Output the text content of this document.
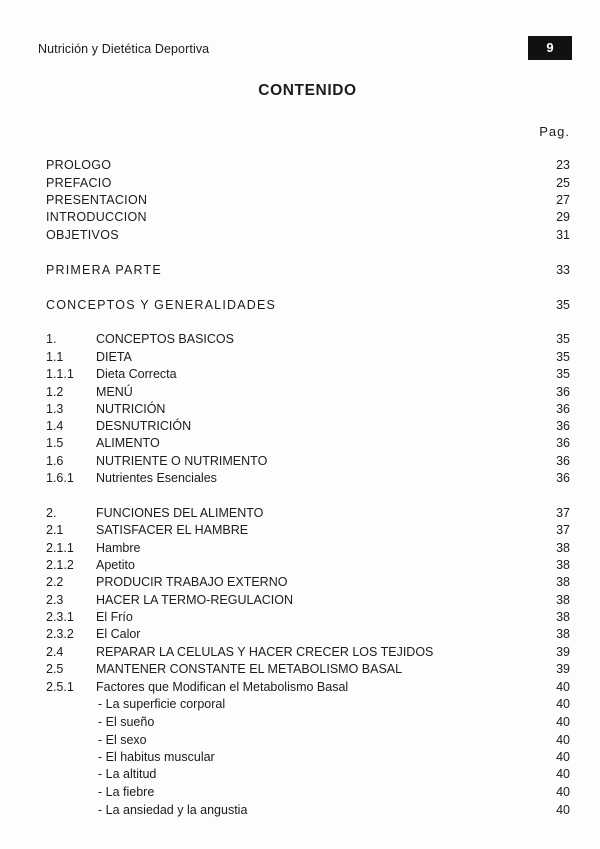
Nutrición y Dietética Deportiva	9
CONTENIDO
Pag.
PROLOGO	23
PREFACIO	25
PRESENTACION	27
INTRODUCCION	29
OBJETIVOS	31
PRIMERA PARTE	33
CONCEPTOS Y GENERALIDADES	35
1.	CONCEPTOS BASICOS	35
1.1	DIETA	35
1.1.1 Dieta Correcta	35
1.2	MENÚ	36
1.3	NUTRICIÓN	36
1.4	DESNUTRICIÓN	36
1.5	ALIMENTO	36
1.6	NUTRIENTE O NUTRIMENTO	36
1.6.1 Nutrientes Esenciales	36
2.	FUNCIONES DEL ALIMENTO	37
2.1	SATISFACER EL HAMBRE	37
2.1.1 Hambre	38
2.1.2 Apetito	38
2.2	PRODUCIR TRABAJO EXTERNO	38
2.3	HACER LA TERMO-REGULACION	38
2.3.1 El Frío	38
2.3.2 El Calor	38
2.4	REPARAR LA CELULAS Y HACER CRECER LOS TEJIDOS	39
2.5	MANTENER CONSTANTE EL METABOLISMO BASAL	39
2.5.1 Factores que Modifican el Metabolismo Basal	40
- La superficie corporal	40
- El sueño	40
- El sexo	40
- El habitus muscular	40
- La altitud	40
- La fiebre	40
- La ansiedad y la angustia	40
